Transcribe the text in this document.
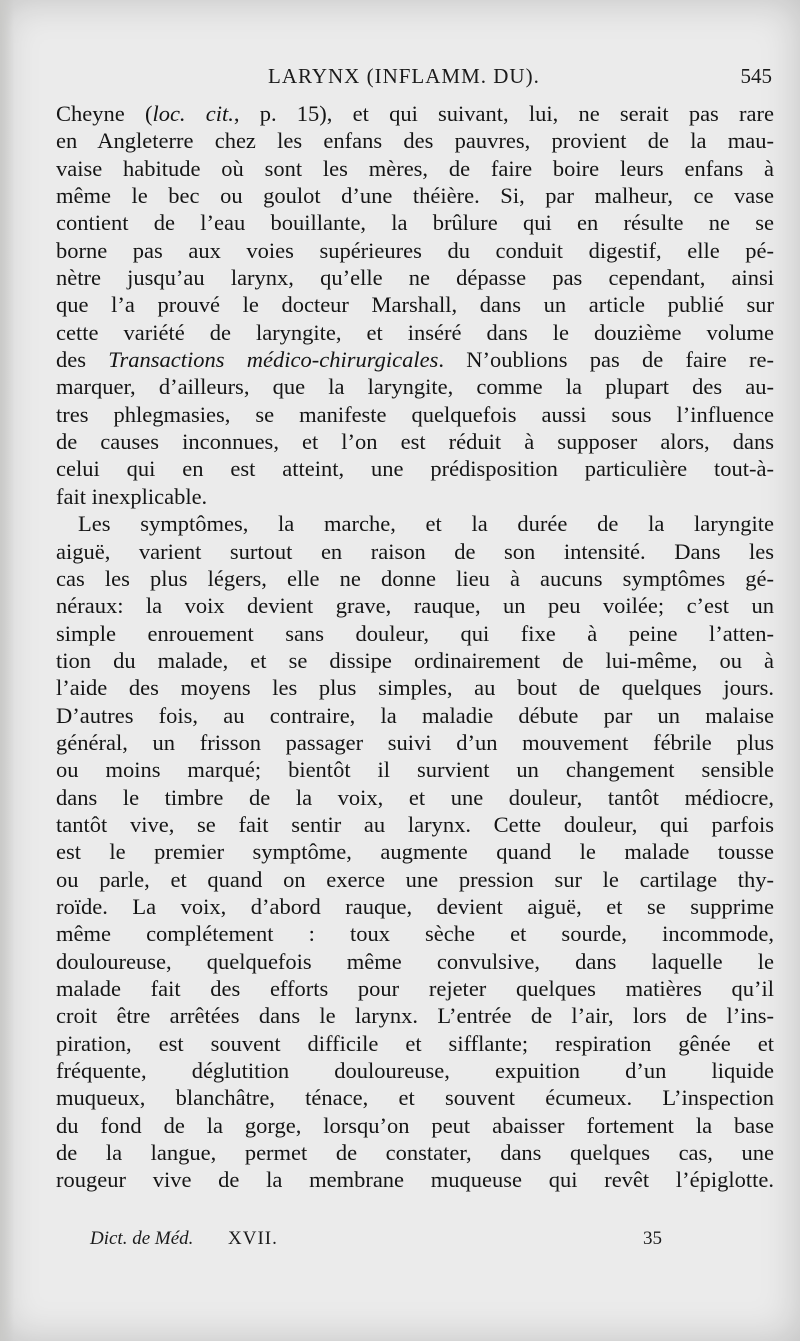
LARYNX (INFLAMM. DU).	545
Cheyne (loc. cit., p. 15), et qui suivant, lui, ne serait pas rare
en Angleterre chez les enfans des pauvres, provient de la mau-
vaise habitude où sont les mères, de faire boire leurs enfans à
même le bec ou goulot d’une théière. Si, par malheur, ce vase
contient de l’eau bouillante, la brûlure qui en résulte ne se
borne pas aux voies supérieures du conduit digestif, elle pé-
nètre jusqu’au larynx, qu’elle ne dépasse pas cependant, ainsi
que l’a prouvé le docteur Marshall, dans un article publié sur
cette variété de laryngite, et inséré dans le douzième volume
des Transactions médico-chirurgicales. N’oublions pas de faire re-
marquer, d’ailleurs, que la laryngite, comme la plupart des au-
tres phlegmasies, se manifeste quelquefois aussi sous l’influence
de causes inconnues, et l’on est réduit à supposer alors, dans
celui qui en est atteint, une prédisposition particulière tout-à-
fait inexplicable.
Les symptômes, la marche, et la durée de la laryngite
aiguë, varient surtout en raison de son intensité. Dans les
cas les plus légers, elle ne donne lieu à aucuns symptômes gé-
néraux: la voix devient grave, rauque, un peu voilée; c’est un
simple enrouement sans douleur, qui fixe à peine l’atten-
tion du malade, et se dissipe ordinairement de lui-même, ou à
l’aide des moyens les plus simples, au bout de quelques jours.
D’autres fois, au contraire, la maladie débute par un malaise
général, un frisson passager suivi d’un mouvement fébrile plus
ou moins marqué; bientôt il survient un changement sensible
dans le timbre de la voix, et une douleur, tantôt médiocre,
tantôt vive, se fait sentir au larynx. Cette douleur, qui parfois
est le premier symptôme, augmente quand le malade tousse
ou parle, et quand on exerce une pression sur le cartilage thy-
roïde. La voix, d’abord rauque, devient aiguë, et se supprime
même complétement : toux sèche et sourde, incommode,
douloureuse, quelquefois même convulsive, dans laquelle le
malade fait des efforts pour rejeter quelques matières qu’il
croit être arrêtées dans le larynx. L’entrée de l’air, lors de l’ins-
piration, est souvent difficile et sifflante; respiration gênée et
fréquente, déglutition douloureuse, expuition d’un liquide
muqueux, blanchâtre, ténace, et souvent écumeux. L’inspection
du fond de la gorge, lorsqu’on peut abaisser fortement la base
de la langue, permet de constater, dans quelques cas, une
rougeur vive de la membrane muqueuse qui revêt l’épiglotte.
Dict. de Méd. XVII.	35
